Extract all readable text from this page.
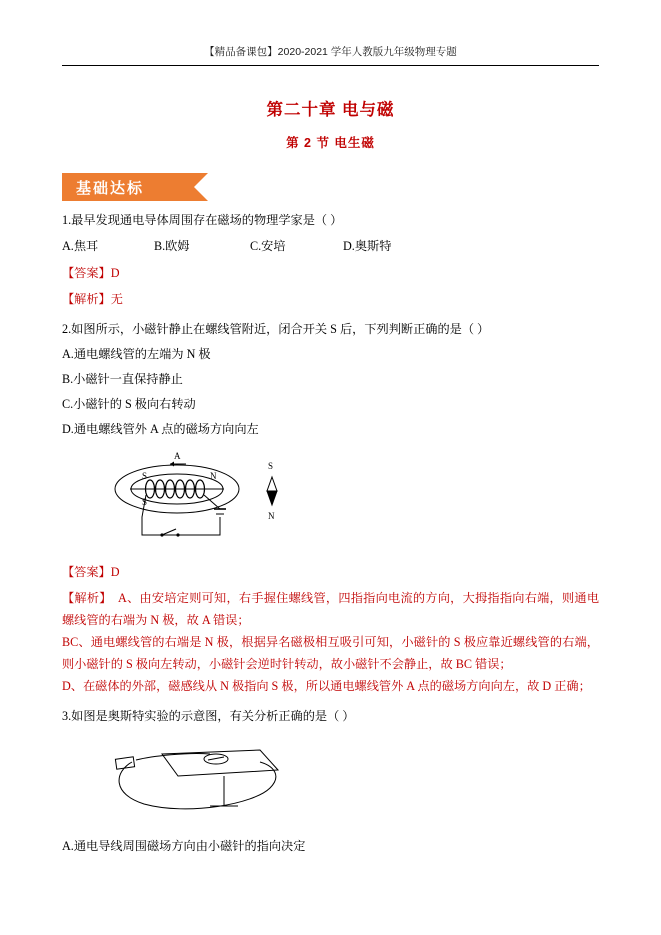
【精品备课包】2020-2021 学年人教版九年级物理专题
第二十章 电与磁
第 2 节 电生磁
基础达标
1.最早发现通电导体周围存在磁场的物理学家是（ ）
A.焦耳	B.欧姆	C.安培	D.奥斯特
【答案】D
【解析】无
2.如图所示，小磁针静止在螺线管附近，闭合开关 S 后，下列判断正确的是（ ）
A.通电螺线管的左端为 N 极
B.小磁针一直保持静止
C.小磁针的 S 极向右转动
D.通电螺线管外 A 点的磁场方向向左
S	N
S
A
S
N
【答案】D

【解析】　 A、由安培定则可知，右手握住螺线管，四指指向电流的方向，大拇指指向右端，则通电螺线管的右端为 N 极，故 A 错误；

BC、通电螺线管的右端是 N 极，根据异名磁极相互吸引可知，小磁针的 S 极应靠近螺线管的右端，则小磁针的 S 极向左转动，小磁针会逆时针转动，故小磁针不会静止，故 BC 错误；

D、在磁体的外部，磁感线从 N 极指向 S 极，所以通电螺线管外 A 点的磁场方向向左，故 D 正确；

3.如图是奥斯特实验的示意图，有关分析正确的是（ ）
A.通电导线周围磁场方向由小磁针的指向决定
